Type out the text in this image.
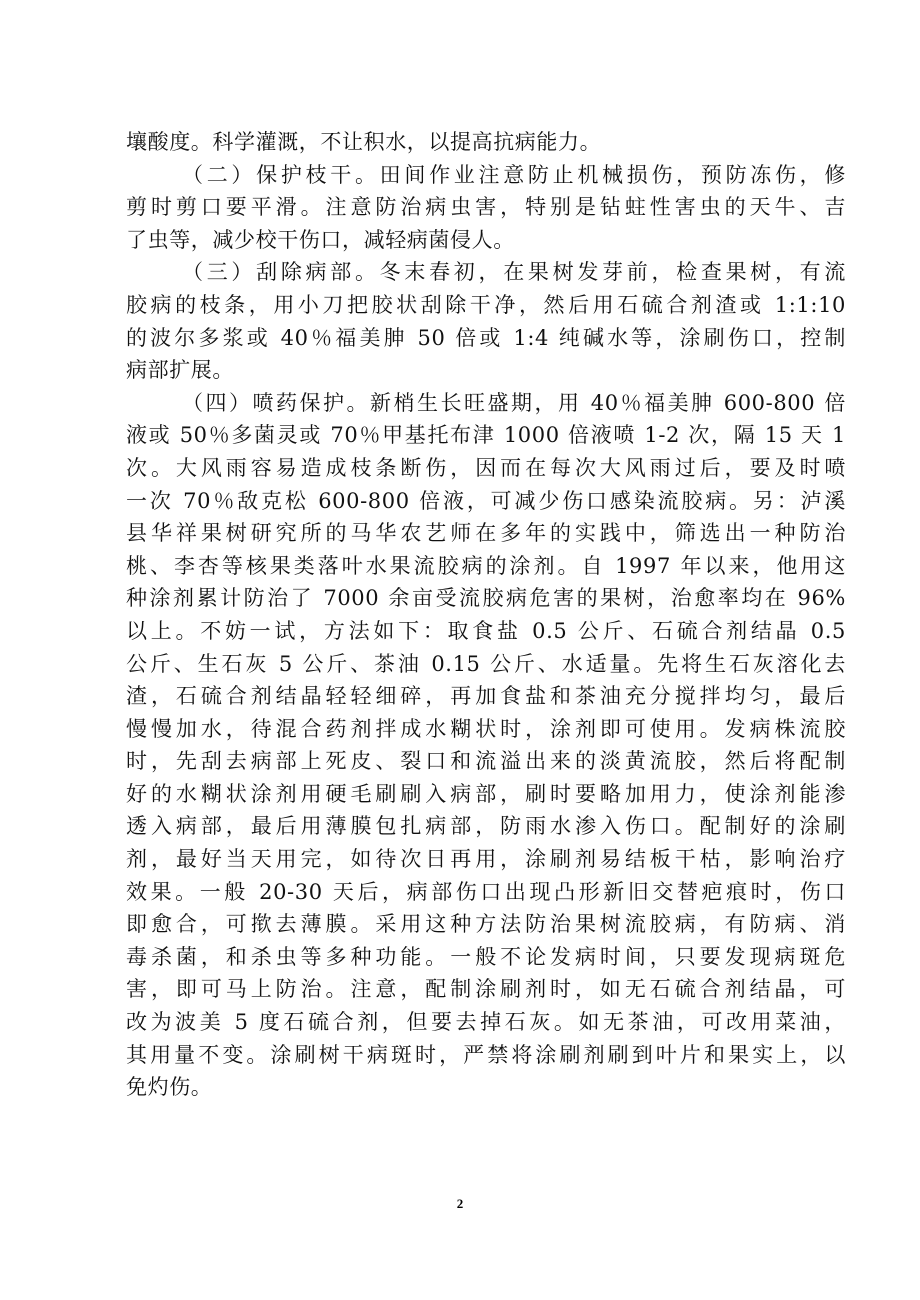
壤酸度。科学灌溉，不让积水，以提高抗病能力。
（二）保护枝干。田间作业注意防止机械损伤，预防冻伤，修
剪时剪口要平滑。注意防治病虫害，特别是钻蛀性害虫的天牛、吉
了虫等，减少校干伤口，减轻病菌侵人。
（三）刮除病部。冬末春初，在果树发芽前，检查果树，有流
胶病的枝条，用小刀把胶状刮除干净，然后用石硫合剂渣或 1:1:10
的波尔多浆或 40％福美胂 50 倍或 1:4 纯碱水等，涂刷伤口，控制
病部扩展。
（四）喷药保护。新梢生长旺盛期，用 40％福美胂 600-800 倍
液或 50％多菌灵或 70％甲基托布津 1000 倍液喷 1-2 次，隔 15 天 1
次。大风雨容易造成枝条断伤，因而在每次大风雨过后，要及时喷
一次 70％敌克松 600-800 倍液，可减少伤口感染流胶病。另：泸溪
县华祥果树研究所的马华农艺师在多年的实践中，筛选出一种防治
桃、李杏等核果类落叶水果流胶病的涂剂。自 1997 年以来，他用这
种涂剂累计防治了 7000 余亩受流胶病危害的果树，治愈率均在 96%
以上。不妨一试，方法如下：取食盐 0.5 公斤、石硫合剂结晶 0.5
公斤、生石灰 5 公斤、茶油 0.15 公斤、水适量。先将生石灰溶化去
渣，石硫合剂结晶轻轻细碎，再加食盐和茶油充分搅拌均匀，最后
慢慢加水，待混合药剂拌成水糊状时，涂剂即可使用。发病株流胶
时，先刮去病部上死皮、裂口和流溢出来的淡黄流胶，然后将配制
好的水糊状涂剂用硬毛刷刷入病部，刷时要略加用力，使涂剂能渗
透入病部，最后用薄膜包扎病部，防雨水渗入伤口。配制好的涂刷
剂，最好当天用完，如待次日再用，涂刷剂易结板干枯，影响治疗
效果。一般 20-30 天后，病部伤口出现凸形新旧交替疤痕时，伤口
即愈合，可揿去薄膜。采用这种方法防治果树流胶病，有防病、消
毒杀菌，和杀虫等多种功能。一般不论发病时间，只要发现病斑危
害，即可马上防治。注意，配制涂刷剂时，如无石硫合剂结晶，可
改为波美 5 度石硫合剂，但要去掉石灰。如无茶油，可改用菜油，
其用量不变。涂刷树干病斑时，严禁将涂刷剂刷到叶片和果实上，以
免灼伤。
2
